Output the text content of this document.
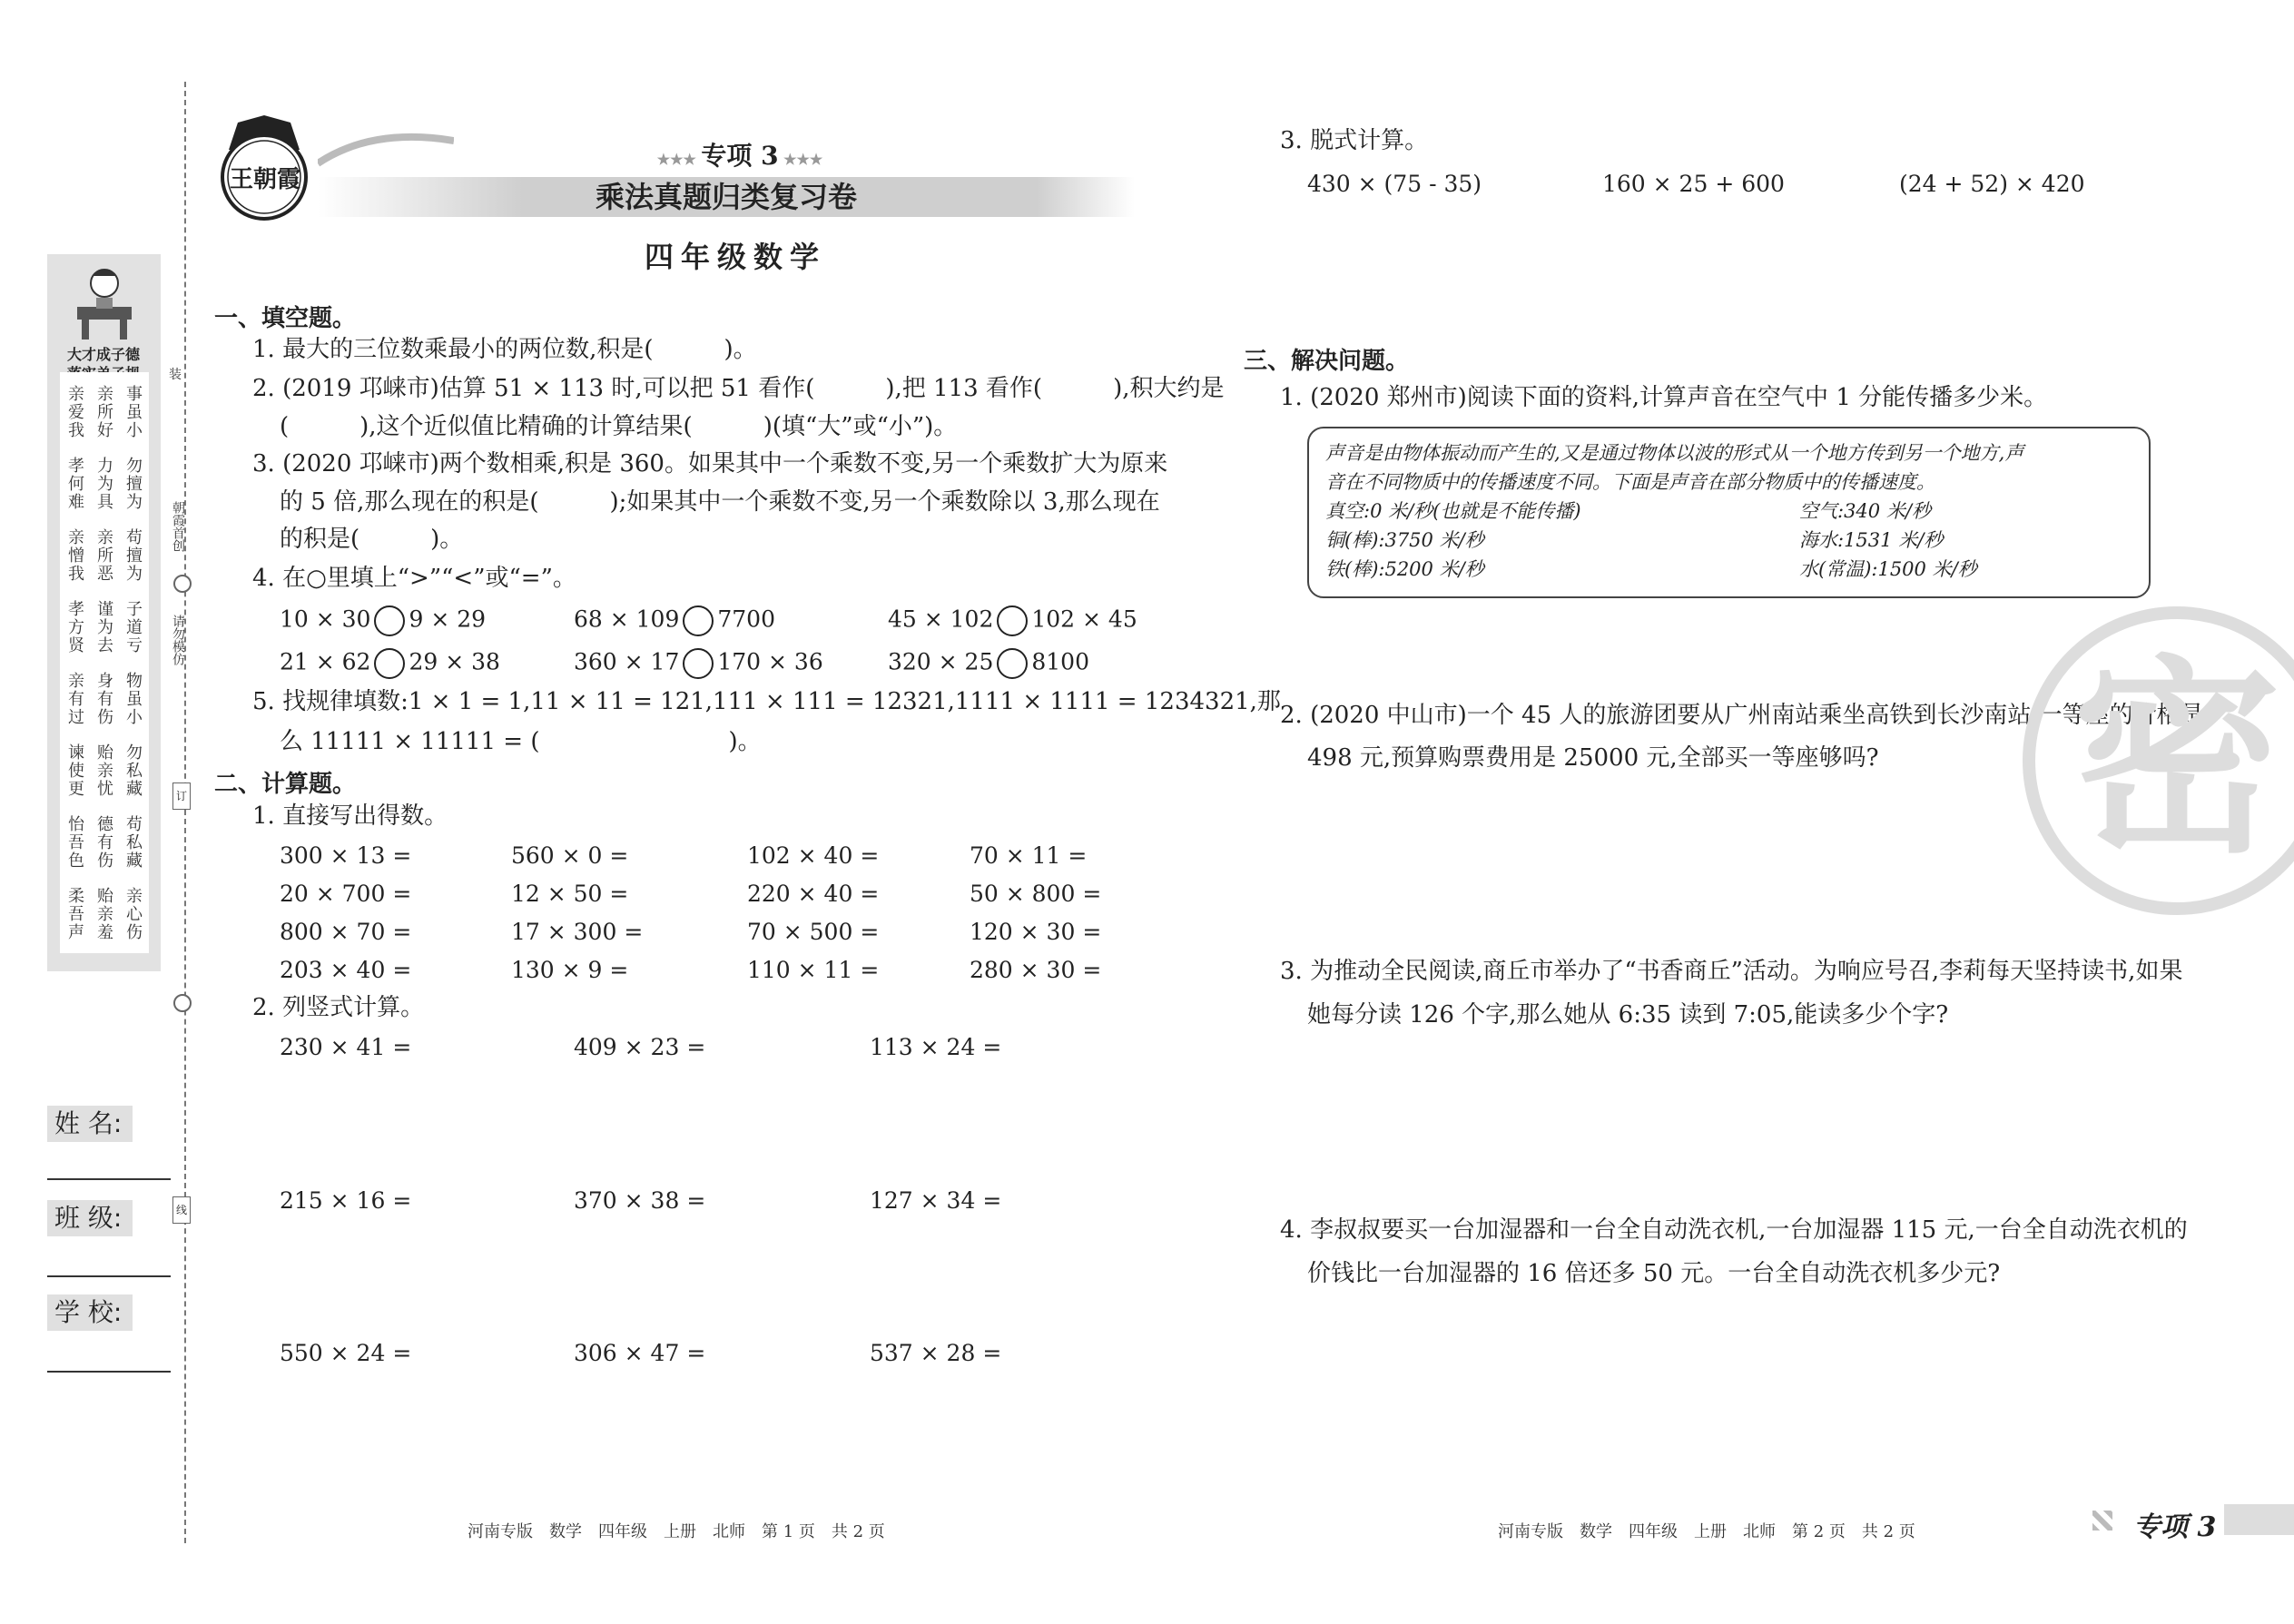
大才成子德
亲爱我
亲所好
事虽小
孝何难
力为具
勿擅为
亲憎我
亲所恶
苟擅为
孝方贤
谨为去
子道亏
亲有过
身有伤
物虽小
谏使更
贻亲忧
勿私藏
怡吾色
德有伤
苟私藏
柔吾声
贻亲羞
亲心伤
装
朝霞首创
请勿模仿
订
线
姓 名:
班 级:
学 校:
王朝霞
★★★ 专项 3 ★★★
乘法真题归类复习卷
四年级数学
一、填空题。
1. 最大的三位数乘最小的两位数,积是(　　　)。
2. (2019 邛崃市)估算 51 × 113 时,可以把 51 看作(　　　),把 113 看作(　　　),积大约是
(　　　),这个近似值比精确的计算结果(　　　)(填“大”或“小”)。
3. (2020 邛崃市)两个数相乘,积是 360。如果其中一个乘数不变,另一个乘数扩大为原来
的 5 倍,那么现在的积是(　　　);如果其中一个乘数不变,另一个乘数除以 3,那么现在
的积是(　　　)。
4. 在○里填上“>”“<”或“=”。
10 × 30 9 × 29	68 × 109 7700	45 × 102 102 × 45
21 × 62 29 × 38	360 × 17 170 × 36	320 × 25 8100
5. 找规律填数:1 × 1 = 1,11 × 11 = 121,111 × 111 = 12321,1111 × 1111 = 1234321,那
么 11111 × 11111 = (　　　　　　　　)。
二、计算题。
1. 直接写出得数。
300 × 13 =	560 × 0 =	102 × 40 =	70 × 11 =
20 × 700 =	12 × 50 =	220 × 40 =	50 × 800 =
800 × 70 =	17 × 300 =	70 × 500 =	120 × 30 =
203 × 40 =	130 × 9 =	110 × 11 =	280 × 30 =
2. 列竖式计算。
230 × 41 =	409 × 23 =	113 × 24 =
215 × 16 =	370 × 38 =	127 × 34 =
550 × 24 =	306 × 47 =	537 × 28 =
3. 脱式计算。
430 × (75 - 35)	160 × 25 + 600	(24 + 52) × 420
三、解决问题。
1. (2020 郑州市)阅读下面的资料,计算声音在空气中 1 分能传播多少米。
声音是由物体振动而产生的,又是通过物体以波的形式从一个地方传到另一个地方,声
音在不同物质中的传播速度不同。下面是声音在部分物质中的传播速度。
真空:0 米/秒(也就是不能传播)	空气:340 米/秒
铜(棒):3750 米/秒	海水:1531 米/秒
铁(棒):5200 米/秒	水(常温):1500 米/秒
2. (2020 中山市)一个 45 人的旅游团要从广州南站乘坐高铁到长沙南站,一等座的价格是
498 元,预算购票费用是 25000 元,全部买一等座够吗? 密
3. 为推动全民阅读,商丘市举办了“书香商丘”活动。为响应号召,李莉每天坚持读书,如果
她每分读 126 个字,那么她从 6:35 读到 7:05,能读多少个字?
4. 李叔叔要买一台加湿器和一台全自动洗衣机,一台加湿器 115 元,一台全自动洗衣机的
价钱比一台加湿器的 16 倍还多 50 元。一台全自动洗衣机多少元?
河南专版　数学　四年级　上册　北师　第 1 页　共 2 页	河南专版　数学　四年级　上册　北师　第 2 页　共 2 页	专项 3
